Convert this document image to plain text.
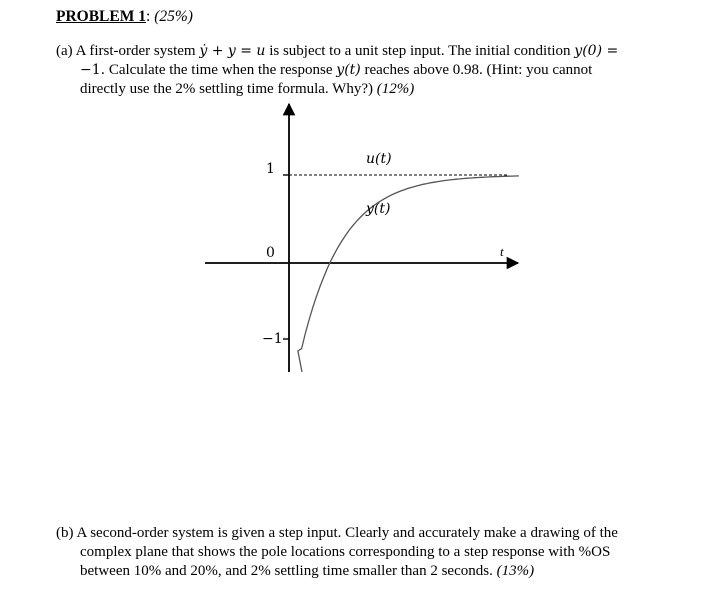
PROBLEM 1: (25%)
(a) A first-order system ẏ + y = u is subject to a unit step input. The initial condition y(0) =
−1. Calculate the time when the response y(t) reaches above 0.98. (Hint: you cannot
directly use the 2% settling time formula. Why?) (12%)
1
0
−1
u(t)
y(t)
t
(b) A second-order system is given a step input. Clearly and accurately make a drawing of the
complex plane that shows the pole locations corresponding to a step response with %OS
between 10% and 20%, and 2% settling time smaller than 2 seconds. (13%)
